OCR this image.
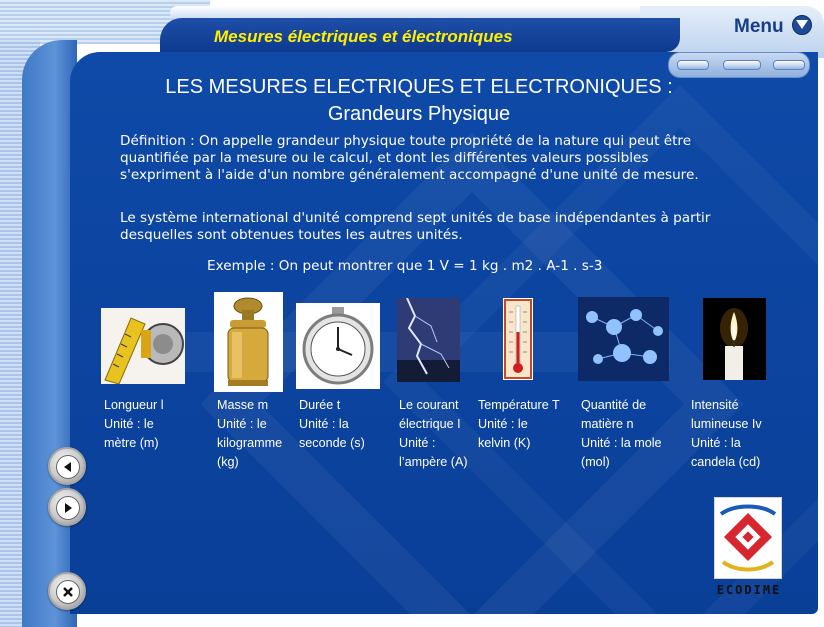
Mesures électriques et électroniques	Menu
LES MESURES ELECTRIQUES ET ELECTRONIQUES :
Grandeurs Physique
Définition : On appelle grandeur physique toute propriété de la nature qui peut être quantifiée par la mesure ou le calcul, et dont les différentes valeurs possibles s'expriment à l'aide d'un nombre généralement accompagné d'une unité de mesure.
Le système international d'unité comprend sept unités de base indépendantes à partir desquelles sont obtenues toutes les autres unités.
Exemple : On peut montrer que 1 V = 1 kg . m2 . A-1 . s-3
Longueur l
Unité : le
mètre (m)
Masse m
Unité : le
kilogramme
(kg)
Durée t
Unité : la
seconde (s)
Le courant
électrique I
Unité :
l’ampère (A)
Température T
Unité : le
kelvin (K)
Quantité de
matière n
Unité : la mole
(mol)
Intensité
lumineuse Iv
Unité : la
candela (cd)
ECODIME
